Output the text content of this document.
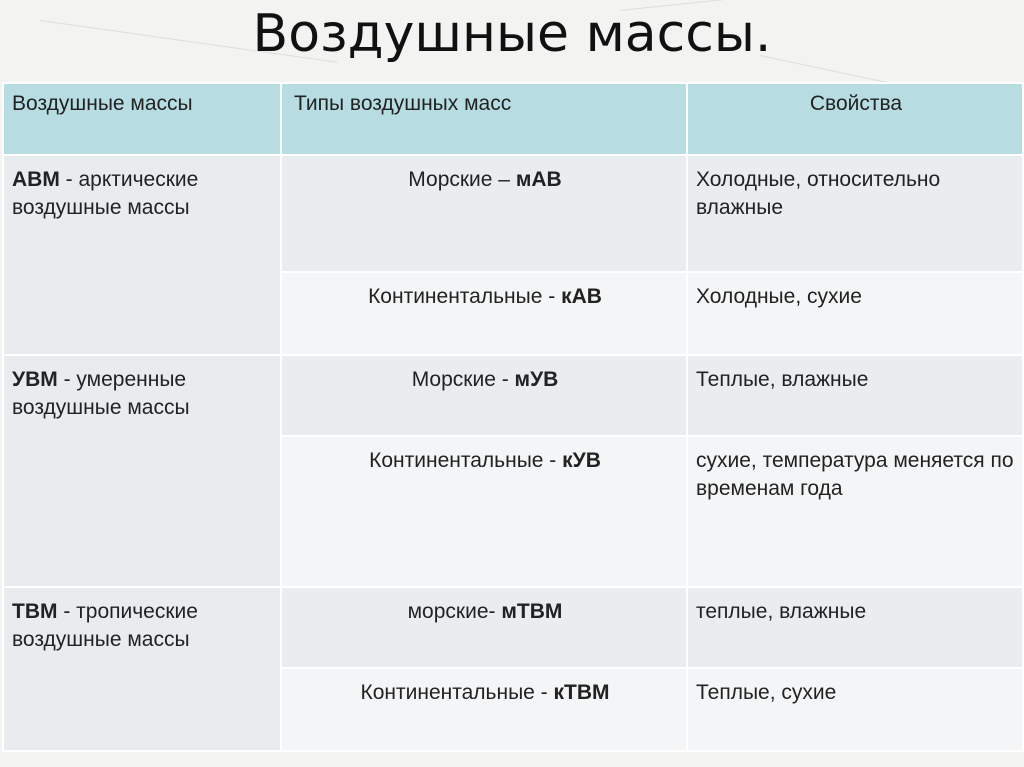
Воздушные массы.
Воздушные массы	Типы воздушных масс	Свойства
АВМ - арктические воздушные массы	Морские – мАВ	Холодные, относительно влажные
	Континентальные - кАВ	Холодные, сухие
УВМ - умеренные воздушные массы	Морские - мУВ	Теплые, влажные
	Континентальные - кУВ	сухие, температура меняется по временам года
ТВМ - тропические воздушные массы	морские- мТВМ	теплые, влажные
	Континентальные - кТВМ	Теплые, сухие
